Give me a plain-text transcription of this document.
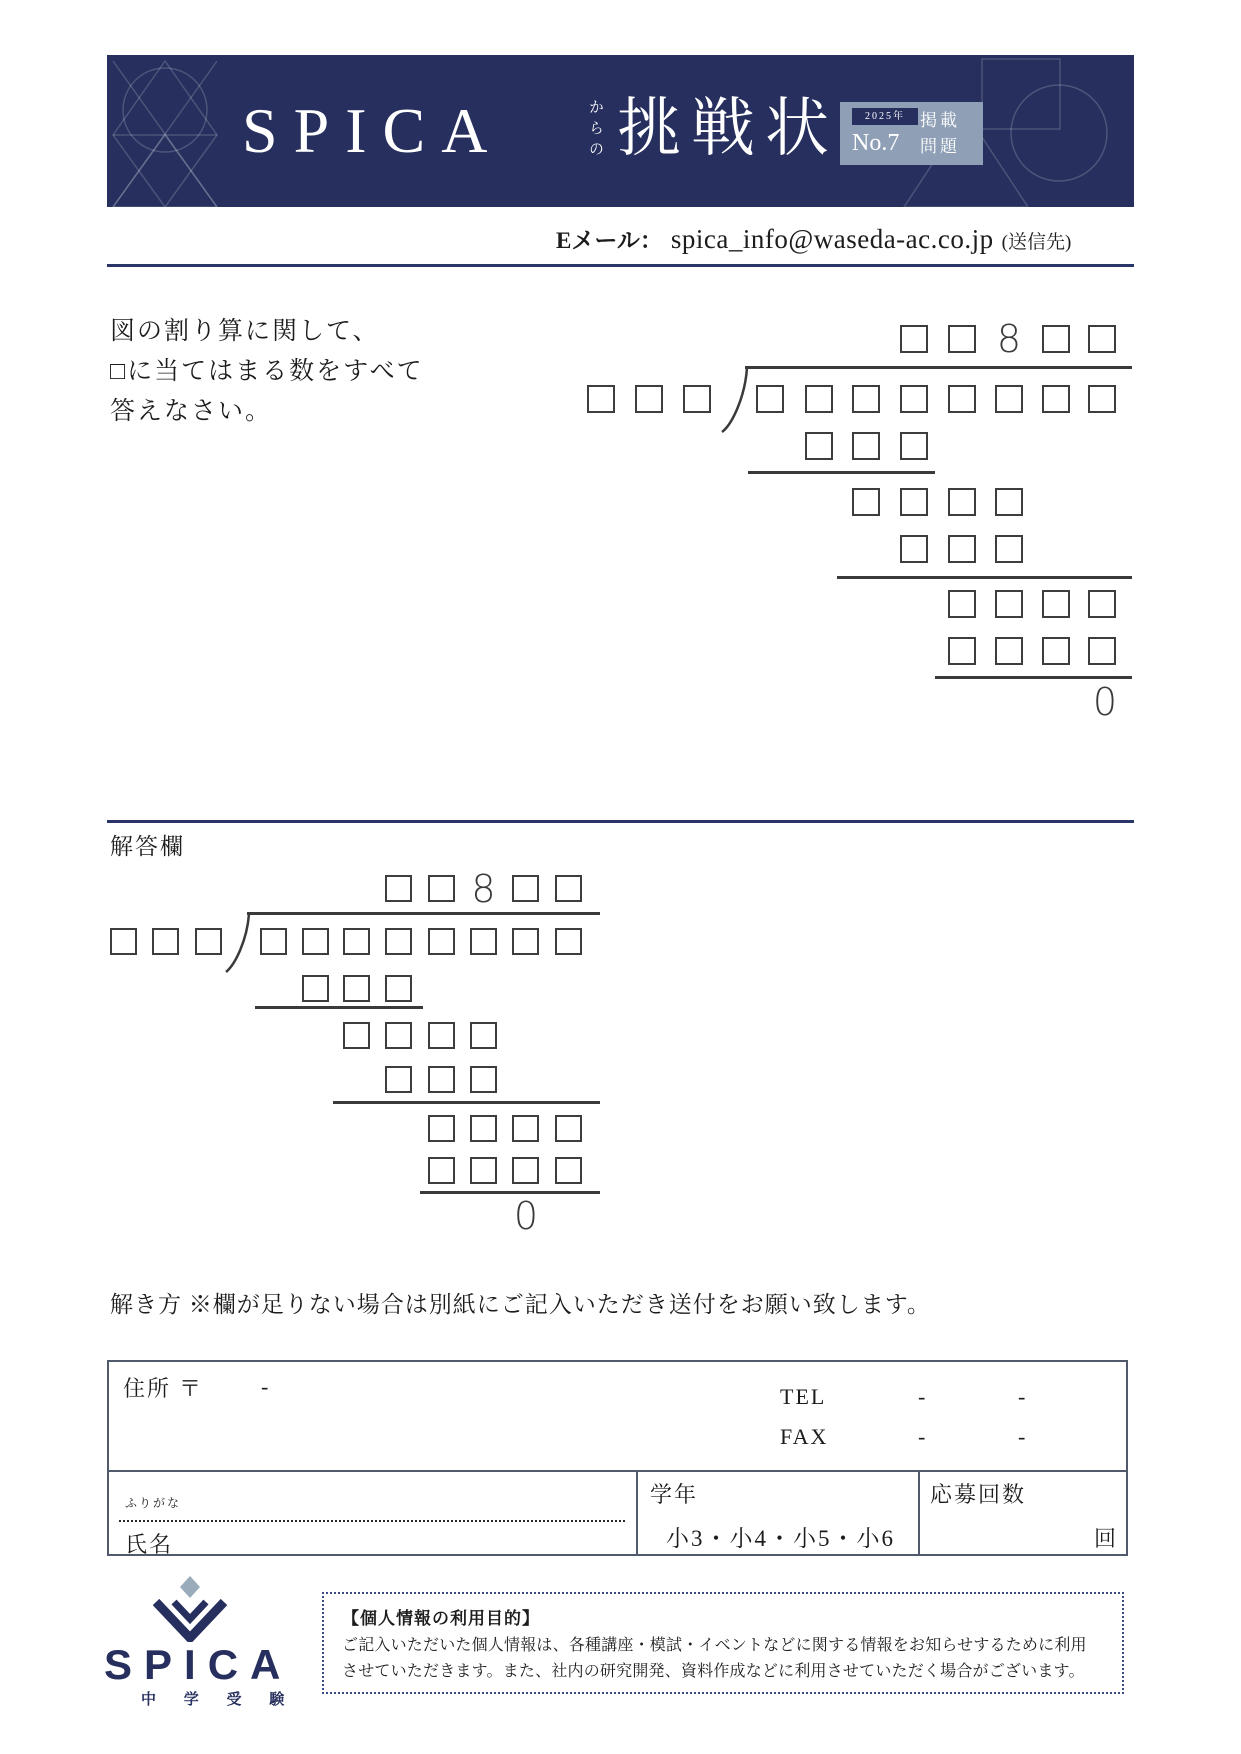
SPICA	からの 挑戦状	2025年
No.7
掲載
問題
Eメール： spica_info@waseda-ac.co.jp (送信先)
図の割り算に関して、
□に当てはまる数をすべて
答えなさい。
8
0
解答欄
8
0
解き方 ※欄が足りない場合は別紙にご記入いただき送付をお願い致します。
住所 〒	-	TEL	-	-
FAX	-	-
ふりがな
氏名
学年
小3・小4・小5・小6
応募回数
回
SPICA
中 学 受 験
【個人情報の利用目的】
ご記入いただいた個人情報は、各種講座・模試・イベントなどに関する情報をお知らせするために利用
させていただきます。また、社内の研究開発、資料作成などに利用させていただく場合がございます。
